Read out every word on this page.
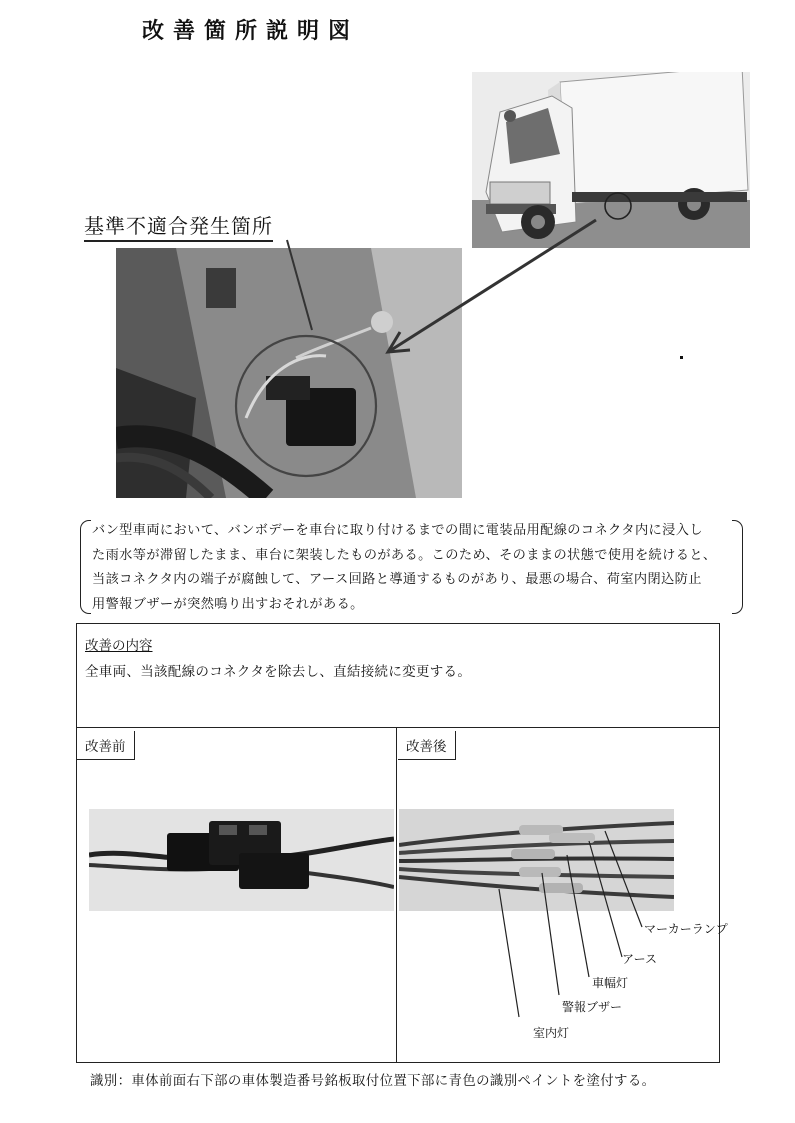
改善箇所説明図
基準不適合発生箇所

バン型車両において、バンボデーを車台に取り付けるまでの間に電装品用配線のコネクタ内に浸入し

た雨水等が滞留したまま、車台に架装したものがある。このため、そのままの状態で使用を続けると、

当該コネクタ内の端子が腐蝕して、アース回路と導通するものがあり、最悪の場合、荷室内閉込防止

用警報ブザーが突然鳴り出すおそれがある。

改善の内容
全車両、当該配線のコネクタを除去し、直結接続に変更する。
改善前	改善後
マーカーランプ
アース
車幅灯
警報ブザー
室内灯
識別：車体前面右下部の車体製造番号銘板取付位置下部に青色の識別ペイントを塗付する。
